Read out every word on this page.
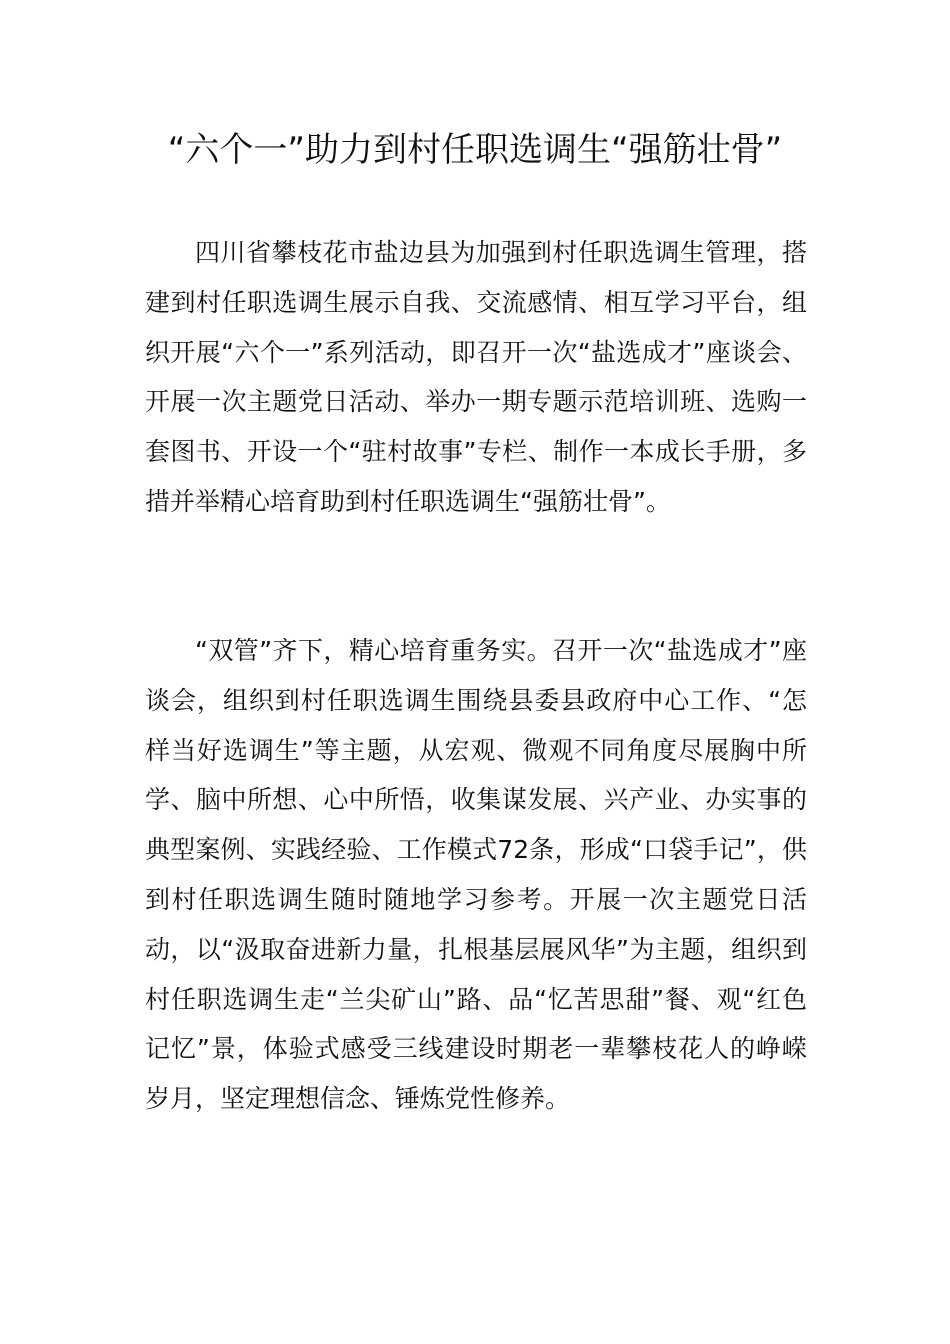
“六个一”助力到村任职选调生“强筋壮骨”

四川省攀枝花市盐边县为加强到村任职选调生管理，搭建到村任职选调生展示自我、交流感情、相互学习平台，组织开展“六个一”系列活动，即召开一次“盐选成才”座谈会、开展一次主题党日活动、举办一期专题示范培训班、选购一套图书、开设一个“驻村故事”专栏、制作一本成长手册，多措并举精心培育助到村任职选调生“强筋壮骨”。

“双管”齐下，精心培育重务实。召开一次“盐选成才”座谈会，组织到村任职选调生围绕县委县政府中心工作、“怎样当好选调生”等主题，从宏观、微观不同角度尽展胸中所学、脑中所想、心中所悟，收集谋发展、兴产业、办实事的典型案例、实践经验、工作模式72条，形成“口袋手记”，供到村任职选调生随时随地学习参考。开展一次主题党日活动，以“汲取奋进新力量，扎根基层展风华”为主题，组织到村任职选调生走“兰尖矿山”路、品“忆苦思甜”餐、观“红色记忆”景，体验式感受三线建设时期老一辈攀枝花人的峥嵘岁月，坚定理想信念、锤炼党性修养。
